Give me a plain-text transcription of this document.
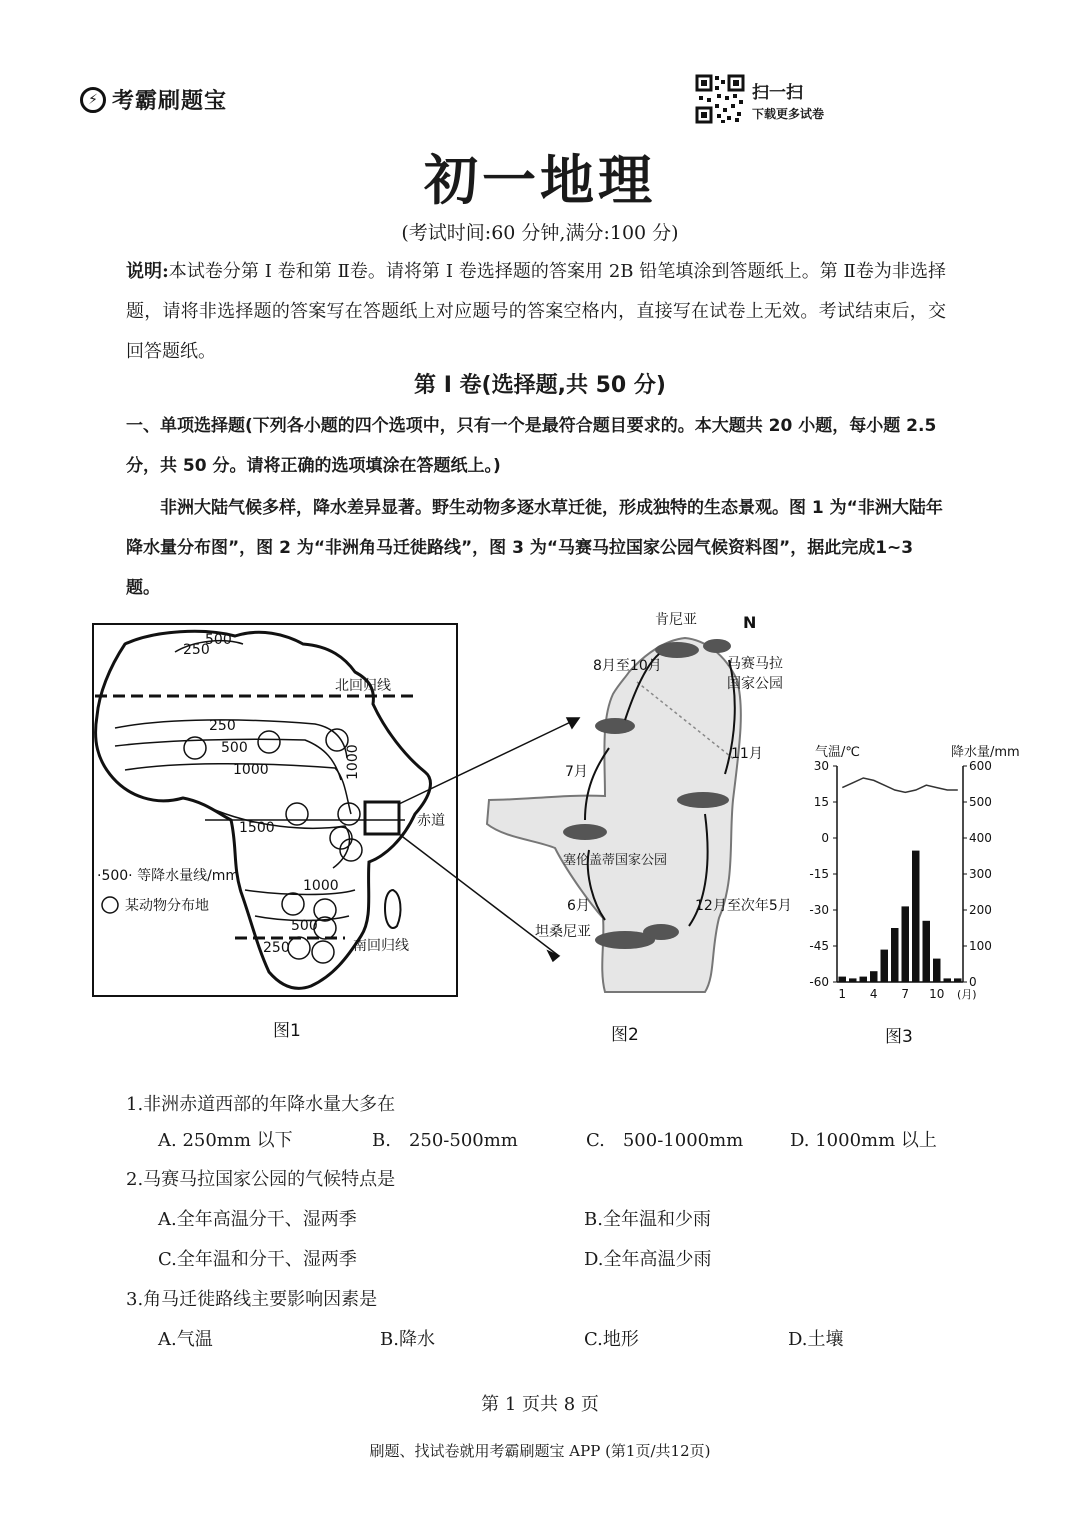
⚡ 考霸刷题宝	扫一扫
下载更多试卷
初一地理
(考试时间:60 分钟,满分:100 分)
说明:本试卷分第 Ⅰ 卷和第 Ⅱ卷。请将第 Ⅰ 卷选择题的答案用 2B 铅笔填涂到答题纸上。第 Ⅱ卷为非选择题，请将非选择题的答案写在答题纸上对应题号的答案空格内，直接写在试卷上无效。考试结束后，交回答题纸。
第 Ⅰ 卷(选择题,共 50 分)
一、单项选择题(下列各小题的四个选项中，只有一个是最符合题目要求的。本大题共 20 小题，每小题 2.5分，共 50 分。请将正确的选项填涂在答题纸上。)
非洲大陆气候多样，降水差异显著。野生动物多逐水草迁徙，形成独特的生态景观。图 1 为“非洲大陆年降水量分布图”，图 2 为“非洲角马迁徙路线”，图 3 为“马赛马拉国家公园气候资料图”，据此完成1~3 题。
500
250
250
500
1000	1000
1500
1000
500
250
北回归线
赤道
南回归线
·500· 等降水量线/mm
某动物分布地
图1
肯尼亚	N
马赛马拉
国家公园
8月至10月
11月
7月
塞伦盖蒂国家公园
6月	12月至次年5月
坦桑尼亚
图2
30
15
0
-15
-30
-45
-60
600
500
400
300
200
100
0
气温/℃	降水量/mm
1 4 7 10 (月)
图3
1.非洲赤道西部的年降水量大多在
A. 250mm 以下	B.　250-500mm	C.　500-1000mm	D. 1000mm 以上
2.马赛马拉国家公园的气候特点是
A.全年高温分干、湿两季	B.全年温和少雨
C.全年温和分干、湿两季	D.全年高温少雨
3.角马迁徙路线主要影响因素是
A.气温	B.降水	C.地形	D.土壤
第 1 页共 8 页
刷题、找试卷就用考霸刷题宝 APP (第1页/共12页)
